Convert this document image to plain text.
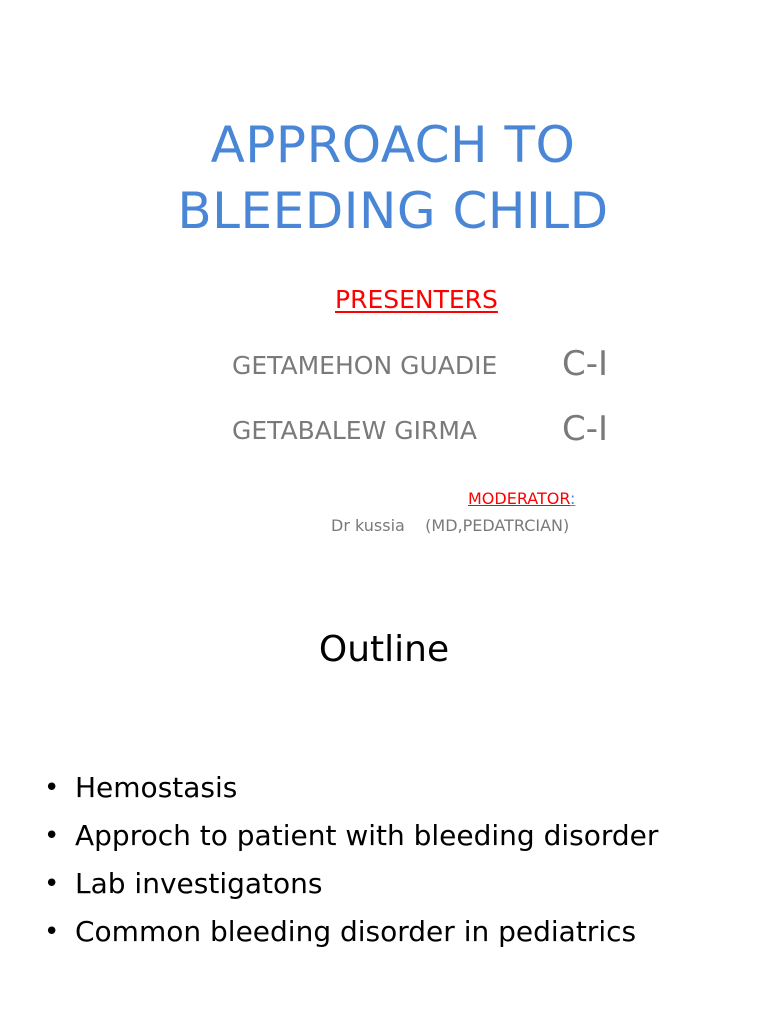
APPROACH TO
BLEEDING CHILD
PRESENTERS
GETAMEHON GUADIE C-I
GETABALEW GIRMA C-I
MODERATOR:
Dr kussia    (MD,PEDATRCIAN)
Outline
• Hemostasis
• Approch to patient with bleeding disorder
• Lab investigatons
• Common bleeding disorder in pediatrics
